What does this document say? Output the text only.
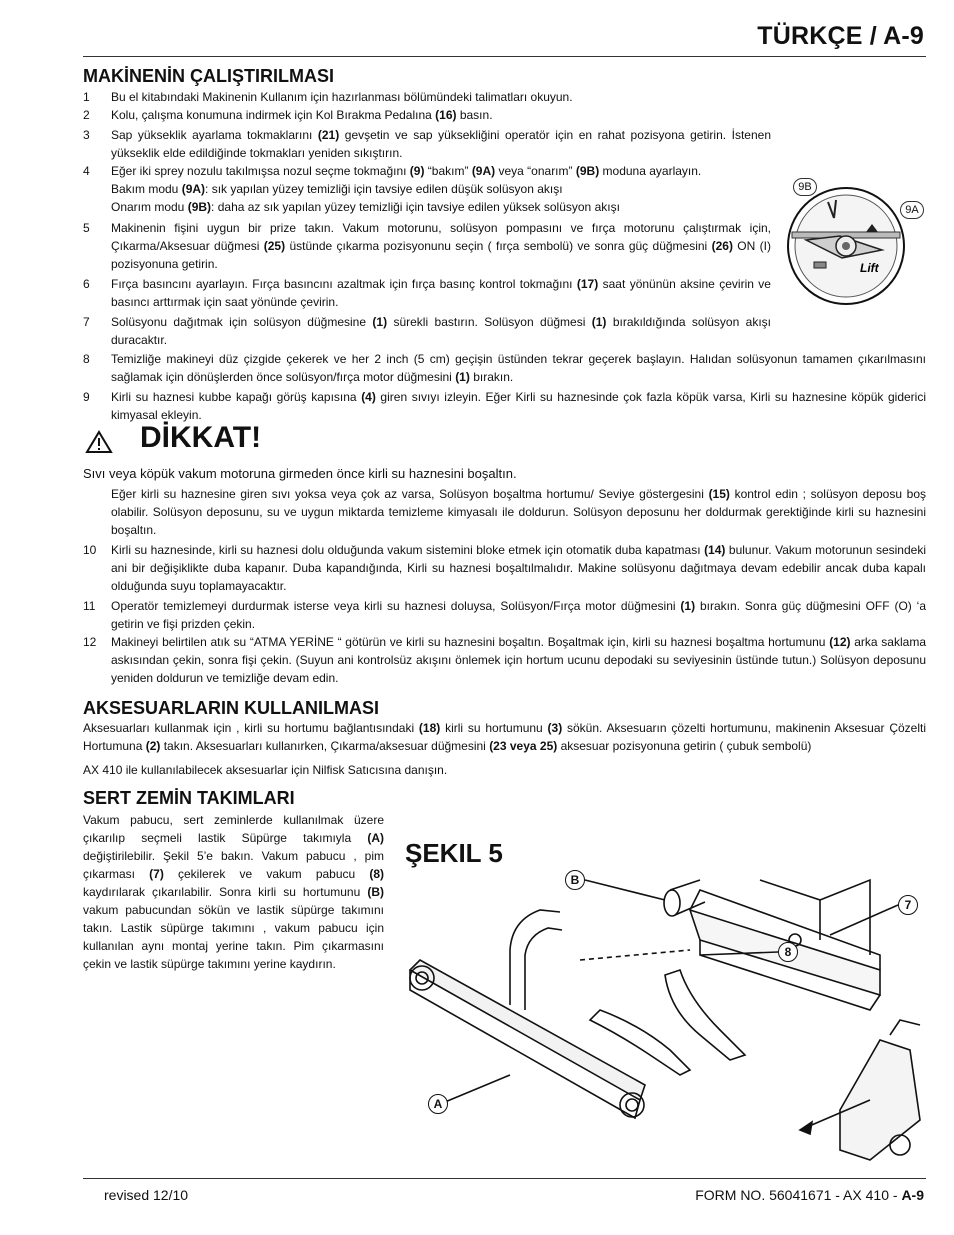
TÜRKÇE / A-9
MAKİNENİN ÇALIŞTIRILMASI
1	Bu el kitabındaki Makinenin Kullanım için hazırlanması bölümündeki talimatları okuyun.
2	Kolu, çalışma konumuna indirmek için Kol Bırakma Pedalına (16) basın.
3	Sap yükseklik ayarlama tokmaklarını (21) gevşetin ve sap yüksekliğini operatör için en rahat pozisyona getirin. İstenen yükseklik elde edildiğinde tokmakları yeniden sıkıştırın.
4	Eğer iki sprey nozulu takılmışsa nozul seçme tokmağını (9) “bakım” (9A) veya “onarım” (9B) moduna ayarlayın.
Bakım modu (9A): sık yapılan yüzey temizliği için tavsiye edilen düşük solüsyon akışı
Onarım modu (9B): daha az sık yapılan yüzey temizliği için tavsiye edilen yüksek solüsyon akışı
5	Makinenin fişini uygun bir prize takın. Vakum motorunu, solüsyon pompasını ve fırça motorunu çalıştırmak için, Çıkarma/Aksesuar düğmesi (25) üstünde çıkarma pozisyonunu seçin ( fırça sembolü) ve sonra güç düğmesini (26) ON (I) pozisyonuna getirin.
6	Fırça basıncını ayarlayın. Fırça basıncını azaltmak için fırça basınç kontrol tokmağını (17) saat yönünün aksine çevirin ve basıncı arttırmak için saat yönünde çevirin.
7	Solüsyonu dağıtmak için solüsyon düğmesine (1) sürekli bastırın. Solüsyon düğmesi (1) bırakıldığında solüsyon akışı duracaktır.
8	Temizliğe makineyi düz çizgide çekerek ve her 2 inch (5 cm) geçişin üstünden tekrar geçerek başlayın. Halıdan solüsyonun tamamen çıkarılmasını sağlamak için dönüşlerden önce solüsyon/fırça motor düğmesini (1) bırakın.
9	Kirli su haznesi kubbe kapağı görüş kapısına (4) giren sıvıyı izleyin. Eğer Kirli su haznesinde çok fazla köpük varsa, Kirli su haznesine köpük giderici kimyasal ekleyin.
Lift
9B
9A
DİKKAT!
Sıvı veya köpük vakum motoruna girmeden önce kirli su haznesini boşaltın.
Eğer kirli su haznesine giren sıvı yoksa veya çok az varsa, Solüsyon boşaltma hortumu/ Seviye göstergesini (15) kontrol edin ; solüsyon deposu boş olabilir. Solüsyon deposunu, su ve uygun miktarda temizleme kimyasalı ile doldurun. Solüsyon deposunu her doldurmak gerektiğinde kirli su haznesini boşaltın.
10	Kirli su haznesinde, kirli su haznesi dolu olduğunda vakum sistemini bloke etmek için otomatik duba kapatması (14) bulunur. Vakum motorunun sesindeki ani bir değişiklikte duba kapanır. Duba kapandığında, Kirli su haznesi boşaltılmalıdır. Makine solüsyonu dağıtmaya devam edebilir ancak duba kapalı olduğunda suyu toplamayacaktır.
11	Operatör temizlemeyi durdurmak isterse veya kirli su haznesi doluysa, Solüsyon/Fırça motor düğmesini (1) bırakın. Sonra güç düğmesini OFF (O) ‘a getirin ve fişi prizden çekin.
12	Makineyi belirtilen atık su “ATMA YERİNE “ götürün ve kirli su haznesini boşaltın. Boşaltmak için, kirli su haznesi boşaltma hortumunu (12) arka saklama askısından çekin, sonra fişi çekin. (Suyun ani kontrolsüz akışını önlemek için hortum ucunu depodaki su seviyesinin üstünde tutun.) Solüsyon deposunu yeniden doldurun ve temizliğe devam edin.
AKSESUARLARIN KULLANILMASI
Aksesuarları kullanmak için , kirli su hortumu bağlantısındaki (18) kirli su hortumunu (3) sökün. Aksesuarın çözelti hortumunu, makinenin Aksesuar Çözelti Hortumuna (2) takın. Aksesuarları kullanırken, Çıkarma/aksesuar düğmesini (23 veya 25) aksesuar pozisyonuna getirin ( çubuk sembolü)
AX 410 ile kullanılabilecek aksesuarlar için Nilfisk Satıcısına danışın.
SERT ZEMİN TAKIMLARI
Vakum pabucu, sert zeminlerde kullanılmak üzere çıkarılıp seçmeli lastik Süpürge takımıyla (A) değiştirilebilir. Şekil 5’e bakın. Vakum pabucu , pim çıkarması (7) çekilerek ve vakum pabucu (8) kaydırılarak çıkarılabilir. Sonra kirli su hortumunu (B) vakum pabucundan sökün ve lastik süpürge takımını takın. Lastik süpürge takımını , vakum pabucu için kullanılan aynı montaj yerine takın. Pim çıkarmasını çekin ve lastik süpürge takımını yerine kaydırın.
ŞEKIL 5
B
7
8
A
revised 12/10	FORM NO. 56041671 - AX 410 - A-9
